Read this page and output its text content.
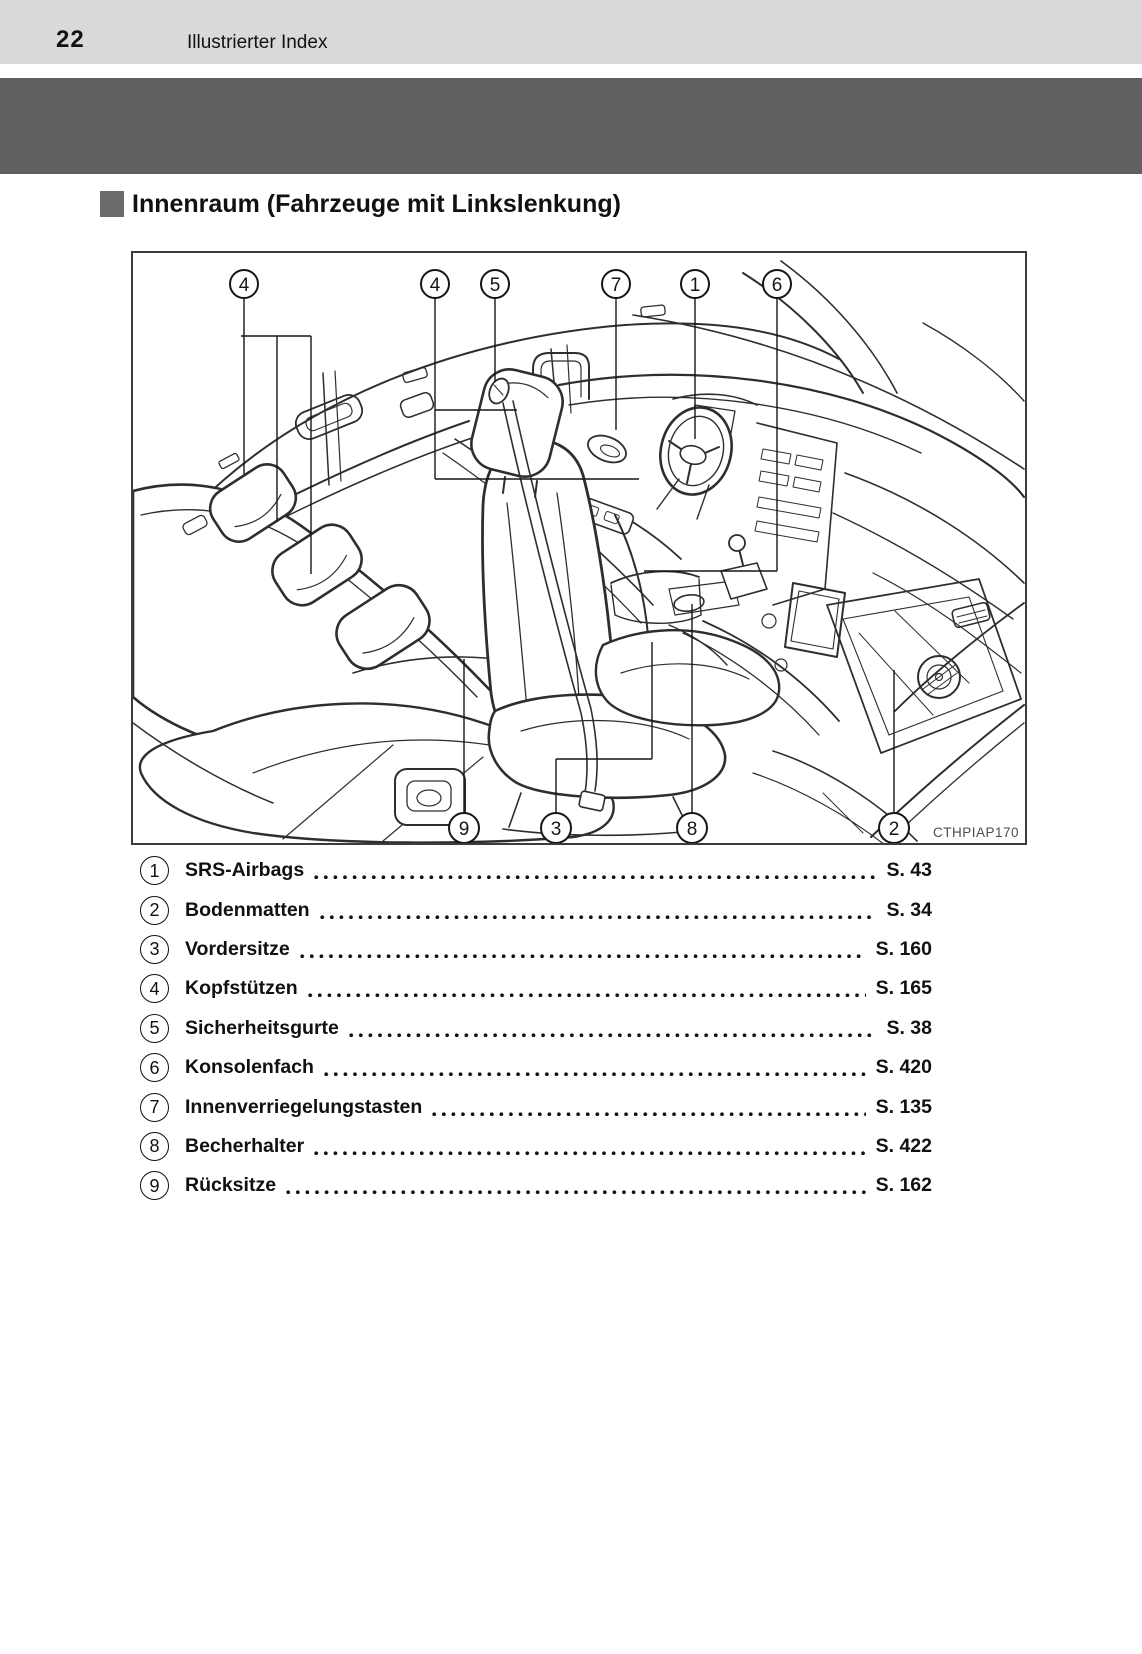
22	Illustrierter Index
Innenraum (Fahrzeuge mit Linkslenkung)
4	4	5	7	1	6
9	3	8	2 CTHPIAP170
1	SRS-Airbags	S. 43
2	Bodenmatten	S. 34
3	Vordersitze	S. 160
4	Kopfstützen	S. 165
5	Sicherheitsgurte	S. 38
6	Konsolenfach	S. 420
7	Innenverriegelungstasten	S. 135
8	Becherhalter	S. 422
9	Rücksitze	S. 162
